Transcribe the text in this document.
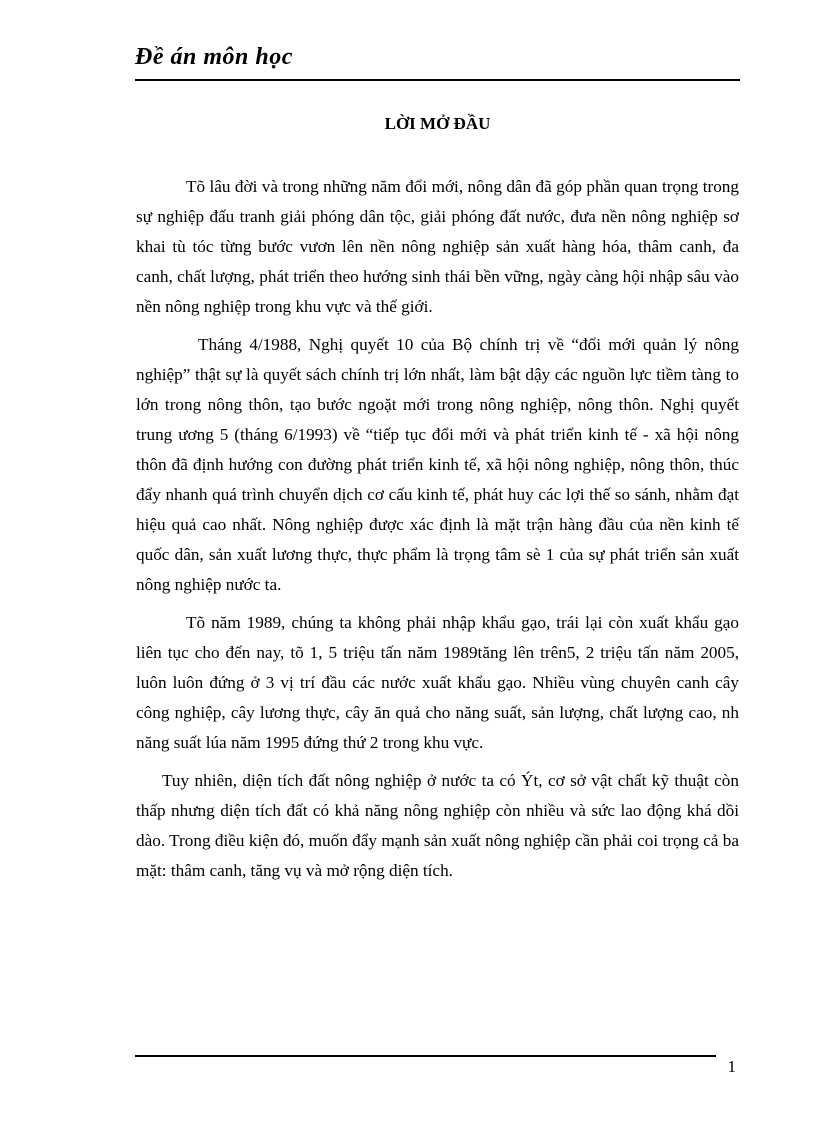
Đề án môn học
LỜI MỞ ĐẦU

Tõ lâu đời và trong những năm đổi mới, nông dân đã góp phần quan trọng trong sự nghiệp đấu tranh giải phóng dân tộc, giải phóng đất nước, đưa nền nông nghiệp sơ khai tù tóc từng bước vươn lên nền nông nghiệp sản xuất hàng hóa, thâm canh, đa canh, chất lượng, phát triển theo hướng sinh thái bền vững, ngày càng hội nhập sâu vào nền nông nghiệp trong khu vực và thế giới.

Tháng 4/1988, Nghị quyết 10 của Bộ chính trị về “đổi mới quản lý nông nghiệp” thật sự là quyết sách chính trị lớn nhất, làm bật dậy các nguồn lực tiềm tàng to lớn trong nông thôn, tạo bước ngoặt mới trong nông nghiệp, nông thôn. Nghị quyết trung ương 5 (tháng 6/1993) về “tiếp tục đổi mới và phát triển kinh tế - xã hội nông thôn đã định hướng con đường phát triển kinh tế, xã hội nông nghiệp, nông thôn, thúc đẩy nhanh quá trình chuyển dịch cơ cấu kinh tế, phát huy các lợi thế so sánh, nhằm đạt hiệu quả cao nhất. Nông nghiệp được xác định là mặt trận hàng đầu của nền kinh tế quốc dân, sản xuất lương thực, thực phẩm là trọng tâm sè 1 của sự phát triển sản xuất nông nghiệp nước ta.

Tõ năm 1989, chúng ta không phải nhập khẩu gạo, trái lại còn xuất khẩu gạo liên tục cho đến nay, tõ 1, 5 triệu tấn năm 1989tăng lên trên5, 2 triệu tấn năm 2005, luôn luôn đứng ở 3 vị trí đầu các nước xuất khẩu gạo. Nhiều vùng chuyên canh cây công nghiệp, cây lương thực, cây ăn quả cho năng suất, sản lượng, chất lượng cao, nh năng suất lúa năm 1995 đứng thứ 2 trong khu vực.

Tuy nhiên, diện tích đất nông nghiệp ở nước ta có Ýt, cơ sở vật chất kỹ thuật còn thấp nhưng diện tích đất có khả năng nông nghiệp còn nhiều và sức lao động khá dồi dào. Trong điều kiện đó, muốn đẩy mạnh sản xuất nông nghiệp cần phải coi trọng cả ba mặt: thâm canh, tăng vụ và mở rộng diện tích.

1
